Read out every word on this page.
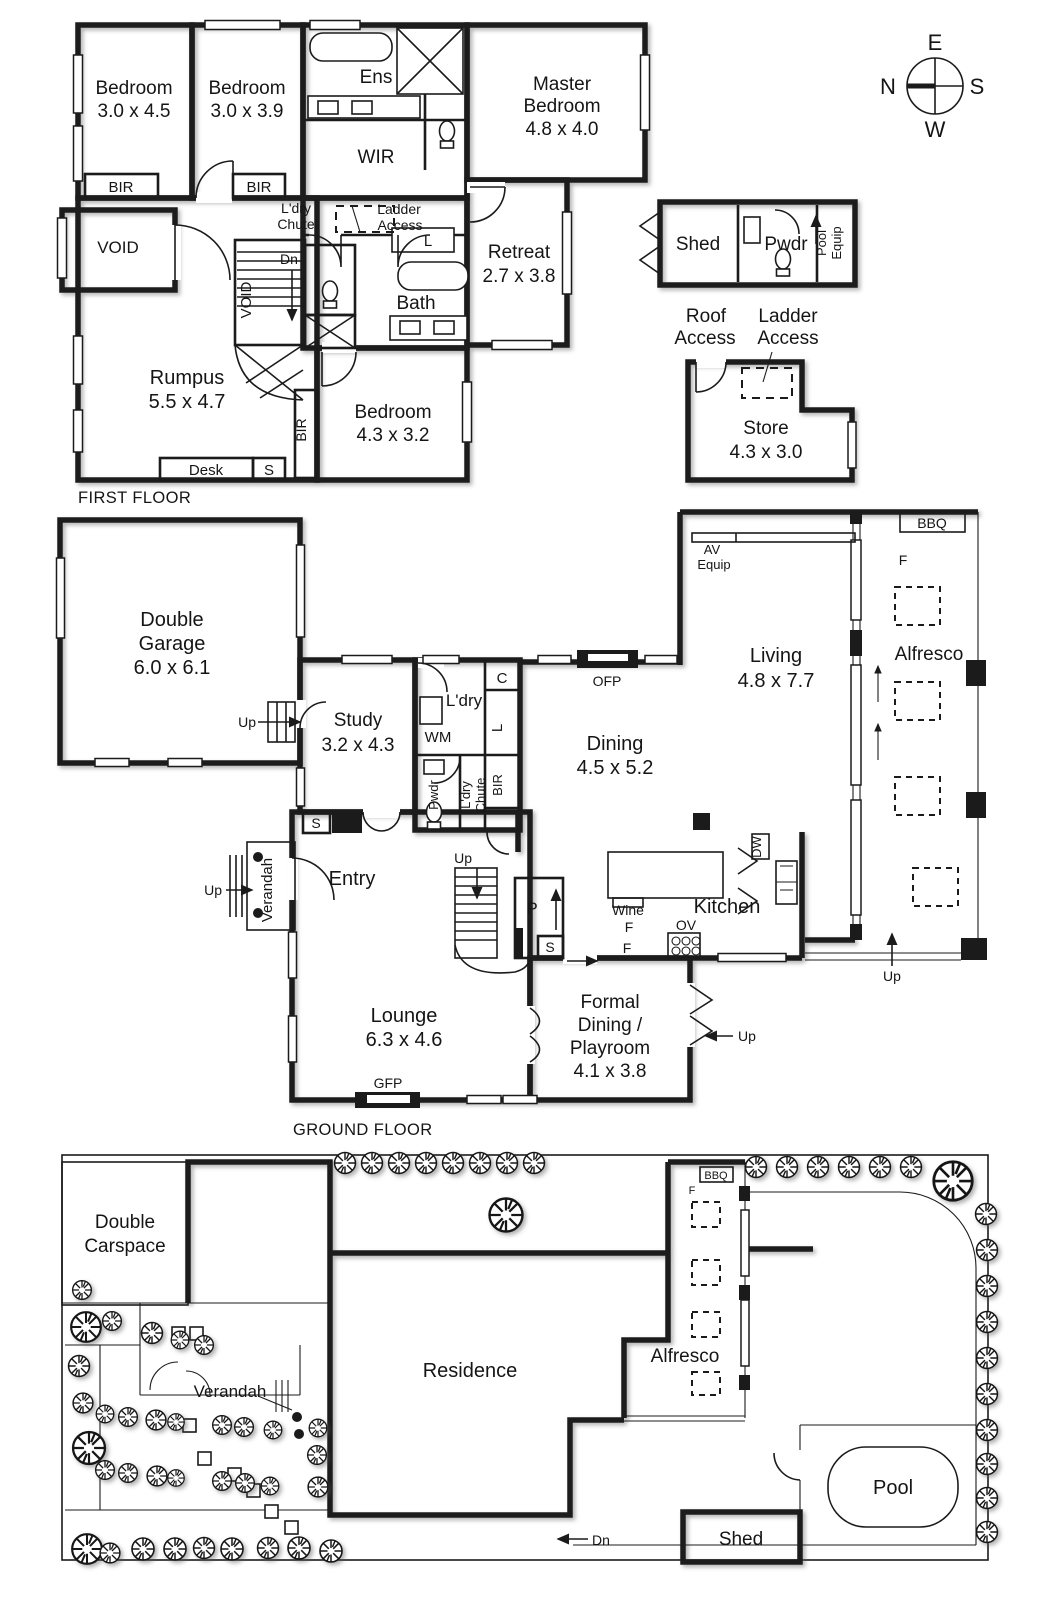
Bedroom
3.0 x 4.5
Bedroom
3.0 x 3.9
Ens
WIR
Master
Bedroom
4.8 x 4.0
BIR	BIR
L'dry
Chute
Ladder
Access
VOID
VOID
Dn
L
Bath
Retreat
2.7 x 3.8
Rumpus
5.5 x 4.7	Bedroom
4.3 x 3.2
BIR
Desk	S
FIRST FLOOR
Shed Pwdr Pool Equip
Roof
Access
Ladder
Access
Store
4.3 x 3.0
E
N	S
W
Double
Garage
6.0 x 6.1
Up	Study
3.2 x 4.3
L'dry
WM
Pwdr L'dry Chute
C
L
BIR
OFP
Dining
4.5 x 5.2
Living
4.8 x 7.7
AV
Equip
BBQ
F
Alfresco
DW
Kitchen
Wine
F
F
OV
P
S
S
Entry
Verandah
Up
Up
Lounge
6.3 x 4.6
GFP
Formal
Dining /
Playroom
4.1 x 3.8
Up
Up
GROUND FLOOR
Double
Carspace
Residence
Verandah
Alfresco
BBQ
F
Pool
Shed
Dn
